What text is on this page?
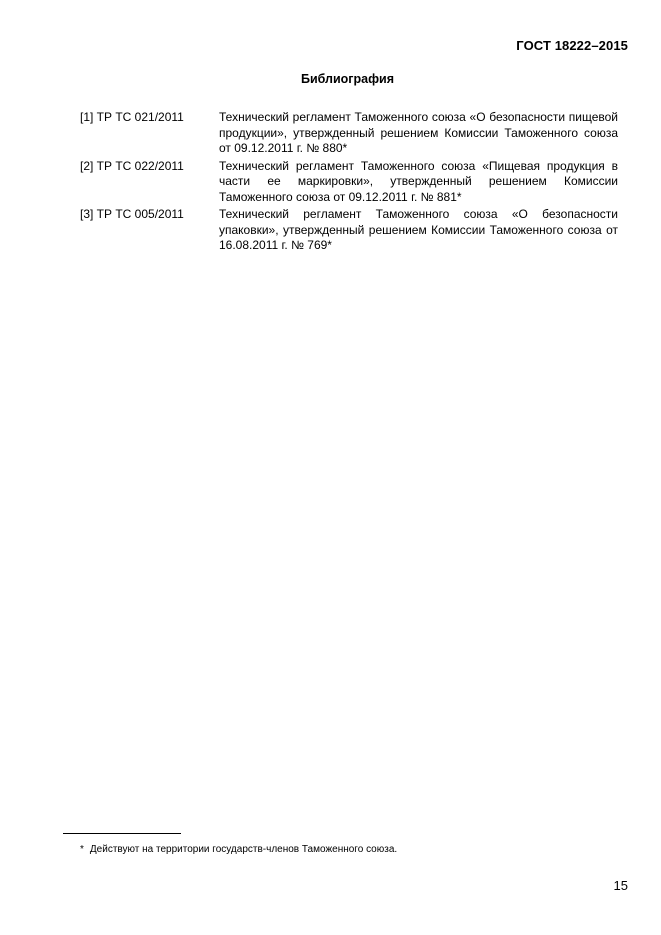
ГОСТ 18222–2015
Библиография
[1] ТР ТС 021/2011	Технический регламент Таможенного союза «О безопасности пищевой продукции», утвержденный решением Комиссии Таможенного союза от 09.12.2011 г. № 880*
[2] ТР ТС 022/2011	Технический регламент Таможенного союза «Пищевая продукция в части ее маркировки», утвержденный решением Комиссии Таможенного союза от 09.12.2011 г. № 881*
[3] ТР ТС 005/2011	Технический регламент Таможенного союза «О безопасности упаковки», утвержденный решением Комиссии Таможенного союза от 16.08.2011 г. № 769*
* Действуют на территории государств-членов Таможенного союза.
15
